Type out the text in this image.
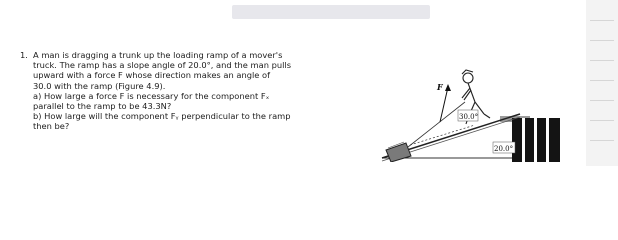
1. A man is dragging a trunk up the loading ramp of a mover's

truck. The ramp has a slope angle of 20.0°, and the man pulls

upward with a force F whose direction makes an angle of

30.0 with the ramp (Figure 4.9).

a) How large a force F is necessary for the component Fₓ

parallel to the ramp to be 43.3N?

b) How large will the component Fᵧ perpendicular to the ramp

then be?

F
30.0°
20.0°
